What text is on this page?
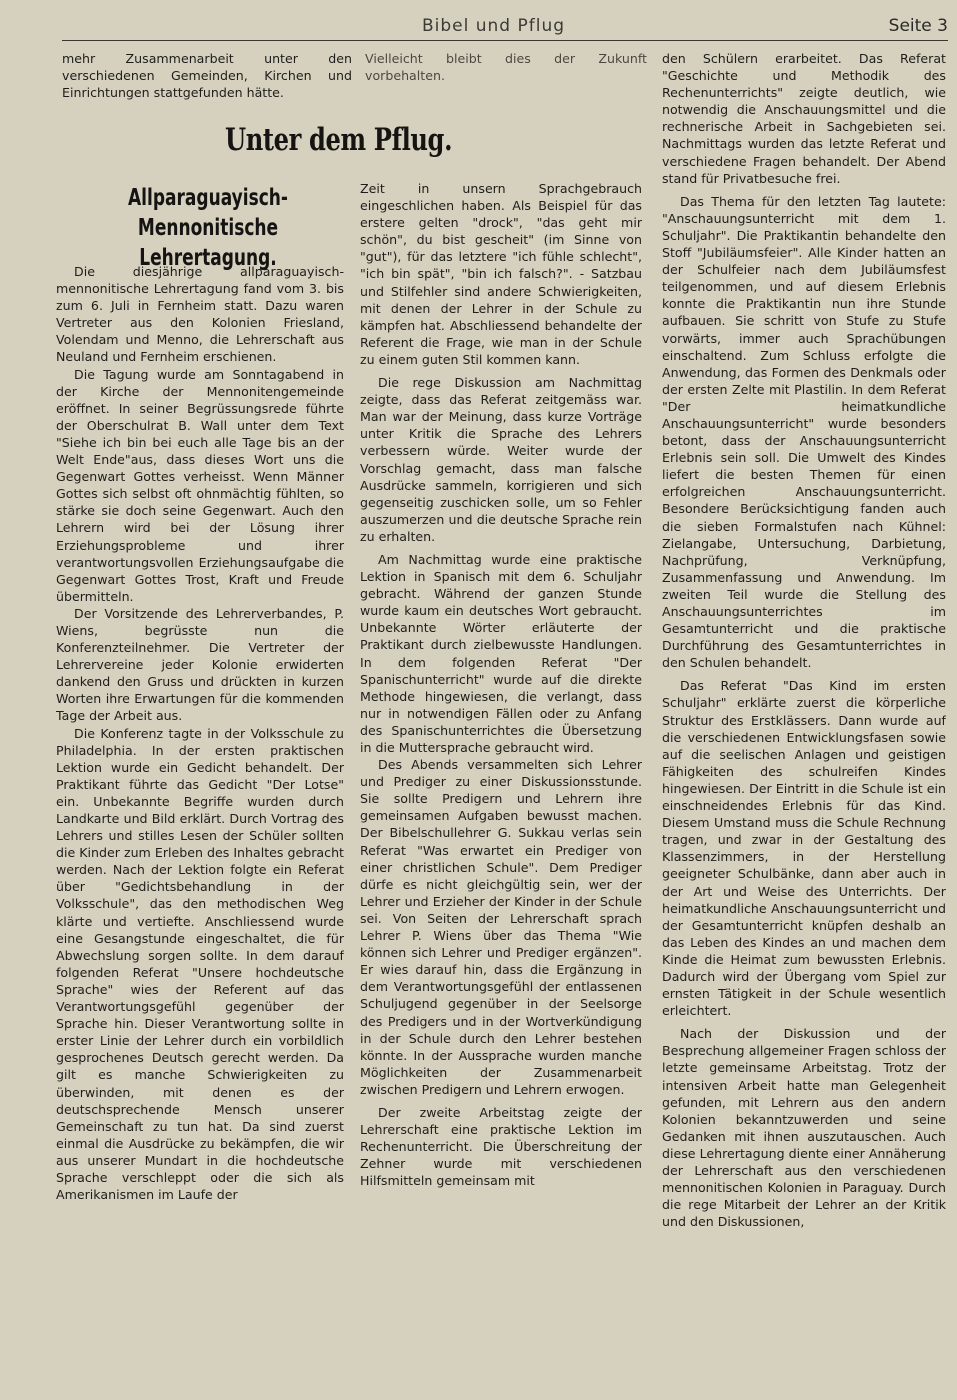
Bibel und Pflug	Seite 3

mehr Zusammenarbeit unter den verschiedenen Gemeinden, Kirchen und Einrichtungen stattgefunden hätte.

Vielleicht bleibt dies der Zukunft vorbehalten.

Unter dem Pflug.
Allparaguayisch-Mennonitische Lehrertagung.

Die diesjährige allparaguayisch-mennonitische Lehrertagung fand vom 3. bis zum 6. Juli in Fernheim statt. Dazu waren Vertreter aus den Kolonien Friesland, Volendam und Menno, die Lehrerschaft aus Neuland und Fernheim erschienen.

Die Tagung wurde am Sonntagabend in der Kirche der Mennonitengemeinde eröffnet. In seiner Begrüssungsrede führte der Oberschulrat B. Wall unter dem Text "Siehe ich bin bei euch alle Tage bis an der Welt Ende"aus, dass dieses Wort uns die Gegenwart Gottes verheisst. Wenn Männer Gottes sich selbst oft ohnmächtig fühlten, so stärke sie doch seine Gegenwart. Auch den Lehrern wird bei der Lösung ihrer Erziehungsprobleme und ihrer verantwortungsvollen Erziehungsaufgabe die Gegenwart Gottes Trost, Kraft und Freude übermitteln.

Der Vorsitzende des Lehrerverbandes, P. Wiens, begrüsste nun die Konferenzteilnehmer. Die Vertreter der Lehrervereine jeder Kolonie erwiderten dankend den Gruss und drückten in kurzen Worten ihre Erwartungen für die kommenden Tage der Arbeit aus.

Die Konferenz tagte in der Volksschule zu Philadelphia. In der ersten praktischen Lektion wurde ein Gedicht behandelt. Der Praktikant führte das Gedicht "Der Lotse" ein. Unbekannte Begriffe wurden durch Landkarte und Bild erklärt. Durch Vortrag des Lehrers und stilles Lesen der Schüler sollten die Kinder zum Erleben des Inhaltes gebracht werden. Nach der Lektion folgte ein Referat über "Gedichtsbehandlung in der Volksschule", das den methodischen Weg klärte und vertiefte. Anschliessend wurde eine Gesangstunde eingeschaltet, die für Abwechslung sorgen sollte. In dem darauf folgenden Referat "Unsere hochdeutsche Sprache" wies der Referent auf das Verantwortungsgefühl gegenüber der Sprache hin. Dieser Verantwortung sollte in erster Linie der Lehrer durch ein vorbildlich gesprochenes Deutsch gerecht werden. Da gilt es manche Schwierigkeiten zu überwinden, mit denen es der deutschsprechende Mensch unserer Gemeinschaft zu tun hat. Da sind zuerst einmal die Ausdrücke zu bekämpfen, die wir aus unserer Mundart in die hochdeutsche Sprache verschleppt oder die sich als Amerikanismen im Laufe der

Zeit in unsern Sprachgebrauch eingeschlichen haben. Als Beispiel für das erstere gelten "drock", "das geht mir schön", du bist gescheit" (im Sinne von "gut"), für das letztere "ich fühle schlecht", "ich bin spät", "bin ich falsch?". - Satzbau und Stilfehler sind andere Schwierigkeiten, mit denen der Lehrer in der Schule zu kämpfen hat. Abschliessend behandelte der Referent die Frage, wie man in der Schule zu einem guten Stil kommen kann.

Die rege Diskussion am Nachmittag zeigte, dass das Referat zeitgemäss war. Man war der Meinung, dass kurze Vorträge unter Kritik die Sprache des Lehrers verbessern würde. Weiter wurde der Vorschlag gemacht, dass man falsche Ausdrücke sammeln, korrigieren und sich gegenseitig zuschicken solle, um so Fehler auszumerzen und die deutsche Sprache rein zu erhalten.

Am Nachmittag wurde eine praktische Lektion in Spanisch mit dem 6. Schuljahr gebracht. Während der ganzen Stunde wurde kaum ein deutsches Wort gebraucht. Unbekannte Wörter erläuterte der Praktikant durch zielbewusste Handlungen. In dem folgenden Referat "Der Spanischunterricht" wurde auf die direkte Methode hingewiesen, die verlangt, dass nur in notwendigen Fällen oder zu Anfang des Spanischunterrichtes die Übersetzung in die Muttersprache gebraucht wird.

Des Abends versammelten sich Lehrer und Prediger zu einer Diskussionsstunde. Sie sollte Predigern und Lehrern ihre gemeinsamen Aufgaben bewusst machen. Der Bibelschullehrer G. Sukkau verlas sein Referat "Was erwartet ein Prediger von einer christlichen Schule". Dem Prediger dürfe es nicht gleichgültig sein, wer der Lehrer und Erzieher der Kinder in der Schule sei. Von Seiten der Lehrerschaft sprach Lehrer P. Wiens über das Thema "Wie können sich Lehrer und Prediger ergänzen". Er wies darauf hin, dass die Ergänzung in dem Verantwortungsgefühl der entlassenen Schuljugend gegenüber in der Seelsorge des Predigers und in der Wortverkündigung in der Schule durch den Lehrer bestehen könnte. In der Aussprache wurden manche Möglichkeiten der Zusammenarbeit zwischen Predigern und Lehrern erwogen.

Der zweite Arbeitstag zeigte der Lehrerschaft eine praktische Lektion im Rechenunterricht. Die Überschreitung der Zehner wurde mit verschiedenen Hilfsmitteln gemeinsam mit

den Schülern erarbeitet. Das Referat "Geschichte und Methodik des Rechenunterrichts" zeigte deutlich, wie notwendig die Anschauungsmittel und die rechnerische Arbeit in Sachgebieten sei. Nachmittags wurden das letzte Referat und verschiedene Fragen behandelt. Der Abend stand für Privatbesuche frei.

Das Thema für den letzten Tag lautete: "Anschauungsunterricht mit dem 1. Schuljahr". Die Praktikantin behandelte den Stoff "Jubiläumsfeier". Alle Kinder hatten an der Schulfeier nach dem Jubiläumsfest teilgenommen, und auf diesem Erlebnis konnte die Praktikantin nun ihre Stunde aufbauen. Sie schritt von Stufe zu Stufe vorwärts, immer auch Sprachübungen einschaltend. Zum Schluss erfolgte die Anwendung, das Formen des Denkmals oder der ersten Zelte mit Plastilin. In dem Referat "Der heimatkundliche Anschauungsunterricht" wurde besonders betont, dass der Anschauungsunterricht Erlebnis sein soll. Die Umwelt des Kindes liefert die besten Themen für einen erfolgreichen Anschauungsunterricht. Besondere Berücksichtigung fanden auch die sieben Formalstufen nach Kühnel: Zielangabe, Untersuchung, Darbietung, Nachprüfung, Verknüpfung, Zusammenfassung und Anwendung. Im zweiten Teil wurde die Stellung des Anschauungsunterrichtes im Gesamtunterricht und die praktische Durchführung des Gesamtunterrichtes in den Schulen behandelt.

Das Referat "Das Kind im ersten Schuljahr" erklärte zuerst die körperliche Struktur des Erstklässers. Dann wurde auf die verschiedenen Entwicklungsfasen sowie auf die seelischen Anlagen und geistigen Fähigkeiten des schulreifen Kindes hingewiesen. Der Eintritt in die Schule ist ein einschneidendes Erlebnis für das Kind. Diesem Umstand muss die Schule Rechnung tragen, und zwar in der Gestaltung des Klassenzimmers, in der Herstellung geeigneter Schulbänke, dann aber auch in der Art und Weise des Unterrichts. Der heimatkundliche Anschauungsunterricht und der Gesamtunterricht knüpfen deshalb an das Leben des Kindes an und machen dem Kinde die Heimat zum bewussten Erlebnis. Dadurch wird der Übergang vom Spiel zur ernsten Tätigkeit in der Schule wesentlich erleichtert.

Nach der Diskussion und der Besprechung allgemeiner Fragen schloss der letzte gemeinsame Arbeitstag. Trotz der intensiven Arbeit hatte man Gelegenheit gefunden, mit Lehrern aus den andern Kolonien bekanntzuwerden und seine Gedanken mit ihnen auszutauschen. Auch diese Lehrertagung diente einer Annäherung der Lehrerschaft aus den verschiedenen mennonitischen Kolonien in Paraguay. Durch die rege Mitarbeit der Lehrer an der Kritik und den Diskussionen,
